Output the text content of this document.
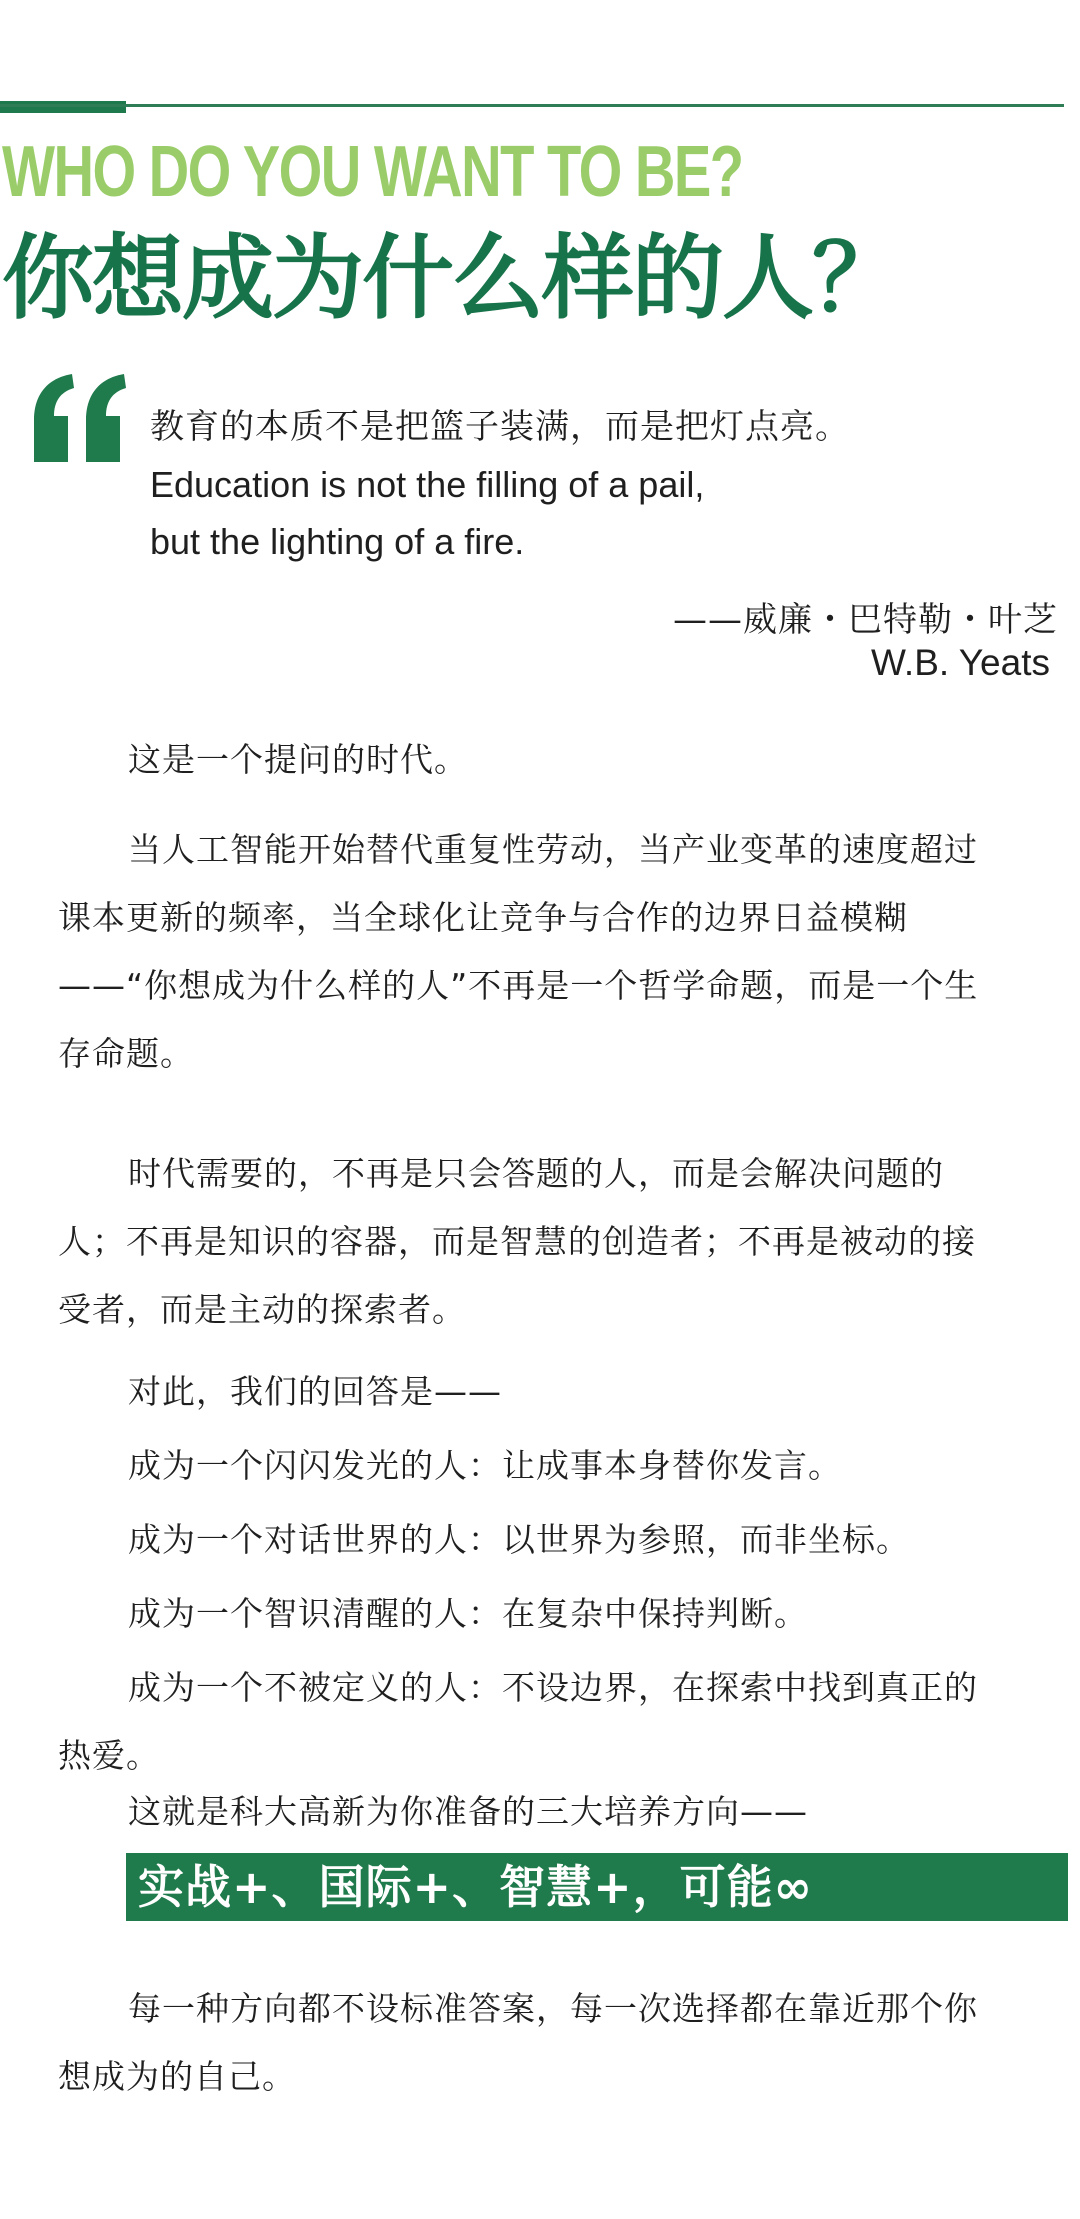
WHO DO YOU WANT TO BE?
你想成为什么样的人？

教育的本质不是把篮子装满，而是把灯点亮。

Education is not the filling of a pail,
but the lighting of a fire.
——威廉・巴特勒・叶芝
W.B. Yeats

这是一个提问的时代。

当人工智能开始替代重复性劳动，当产业变革的速度超过课本更新的频率，当全球化让竞争与合作的边界日益模糊——“你想成为什么样的人”不再是一个哲学命题，而是一个生存命题。

时代需要的，不再是只会答题的人，而是会解决问题的人；不再是知识的容器，而是智慧的创造者；不再是被动的接受者，而是主动的探索者。

对此，我们的回答是——

成为一个闪闪发光的人：让成事本身替你发言。

成为一个对话世界的人：以世界为参照，而非坐标。

成为一个智识清醒的人：在复杂中保持判断。

成为一个不被定义的人：不设边界，在探索中找到真正的热爱。

这就是科大高新为你准备的三大培养方向——

实战+、国际+、智慧+，可能∞

每一种方向都不设标准答案，每一次选择都在靠近那个你想成为的自己。
